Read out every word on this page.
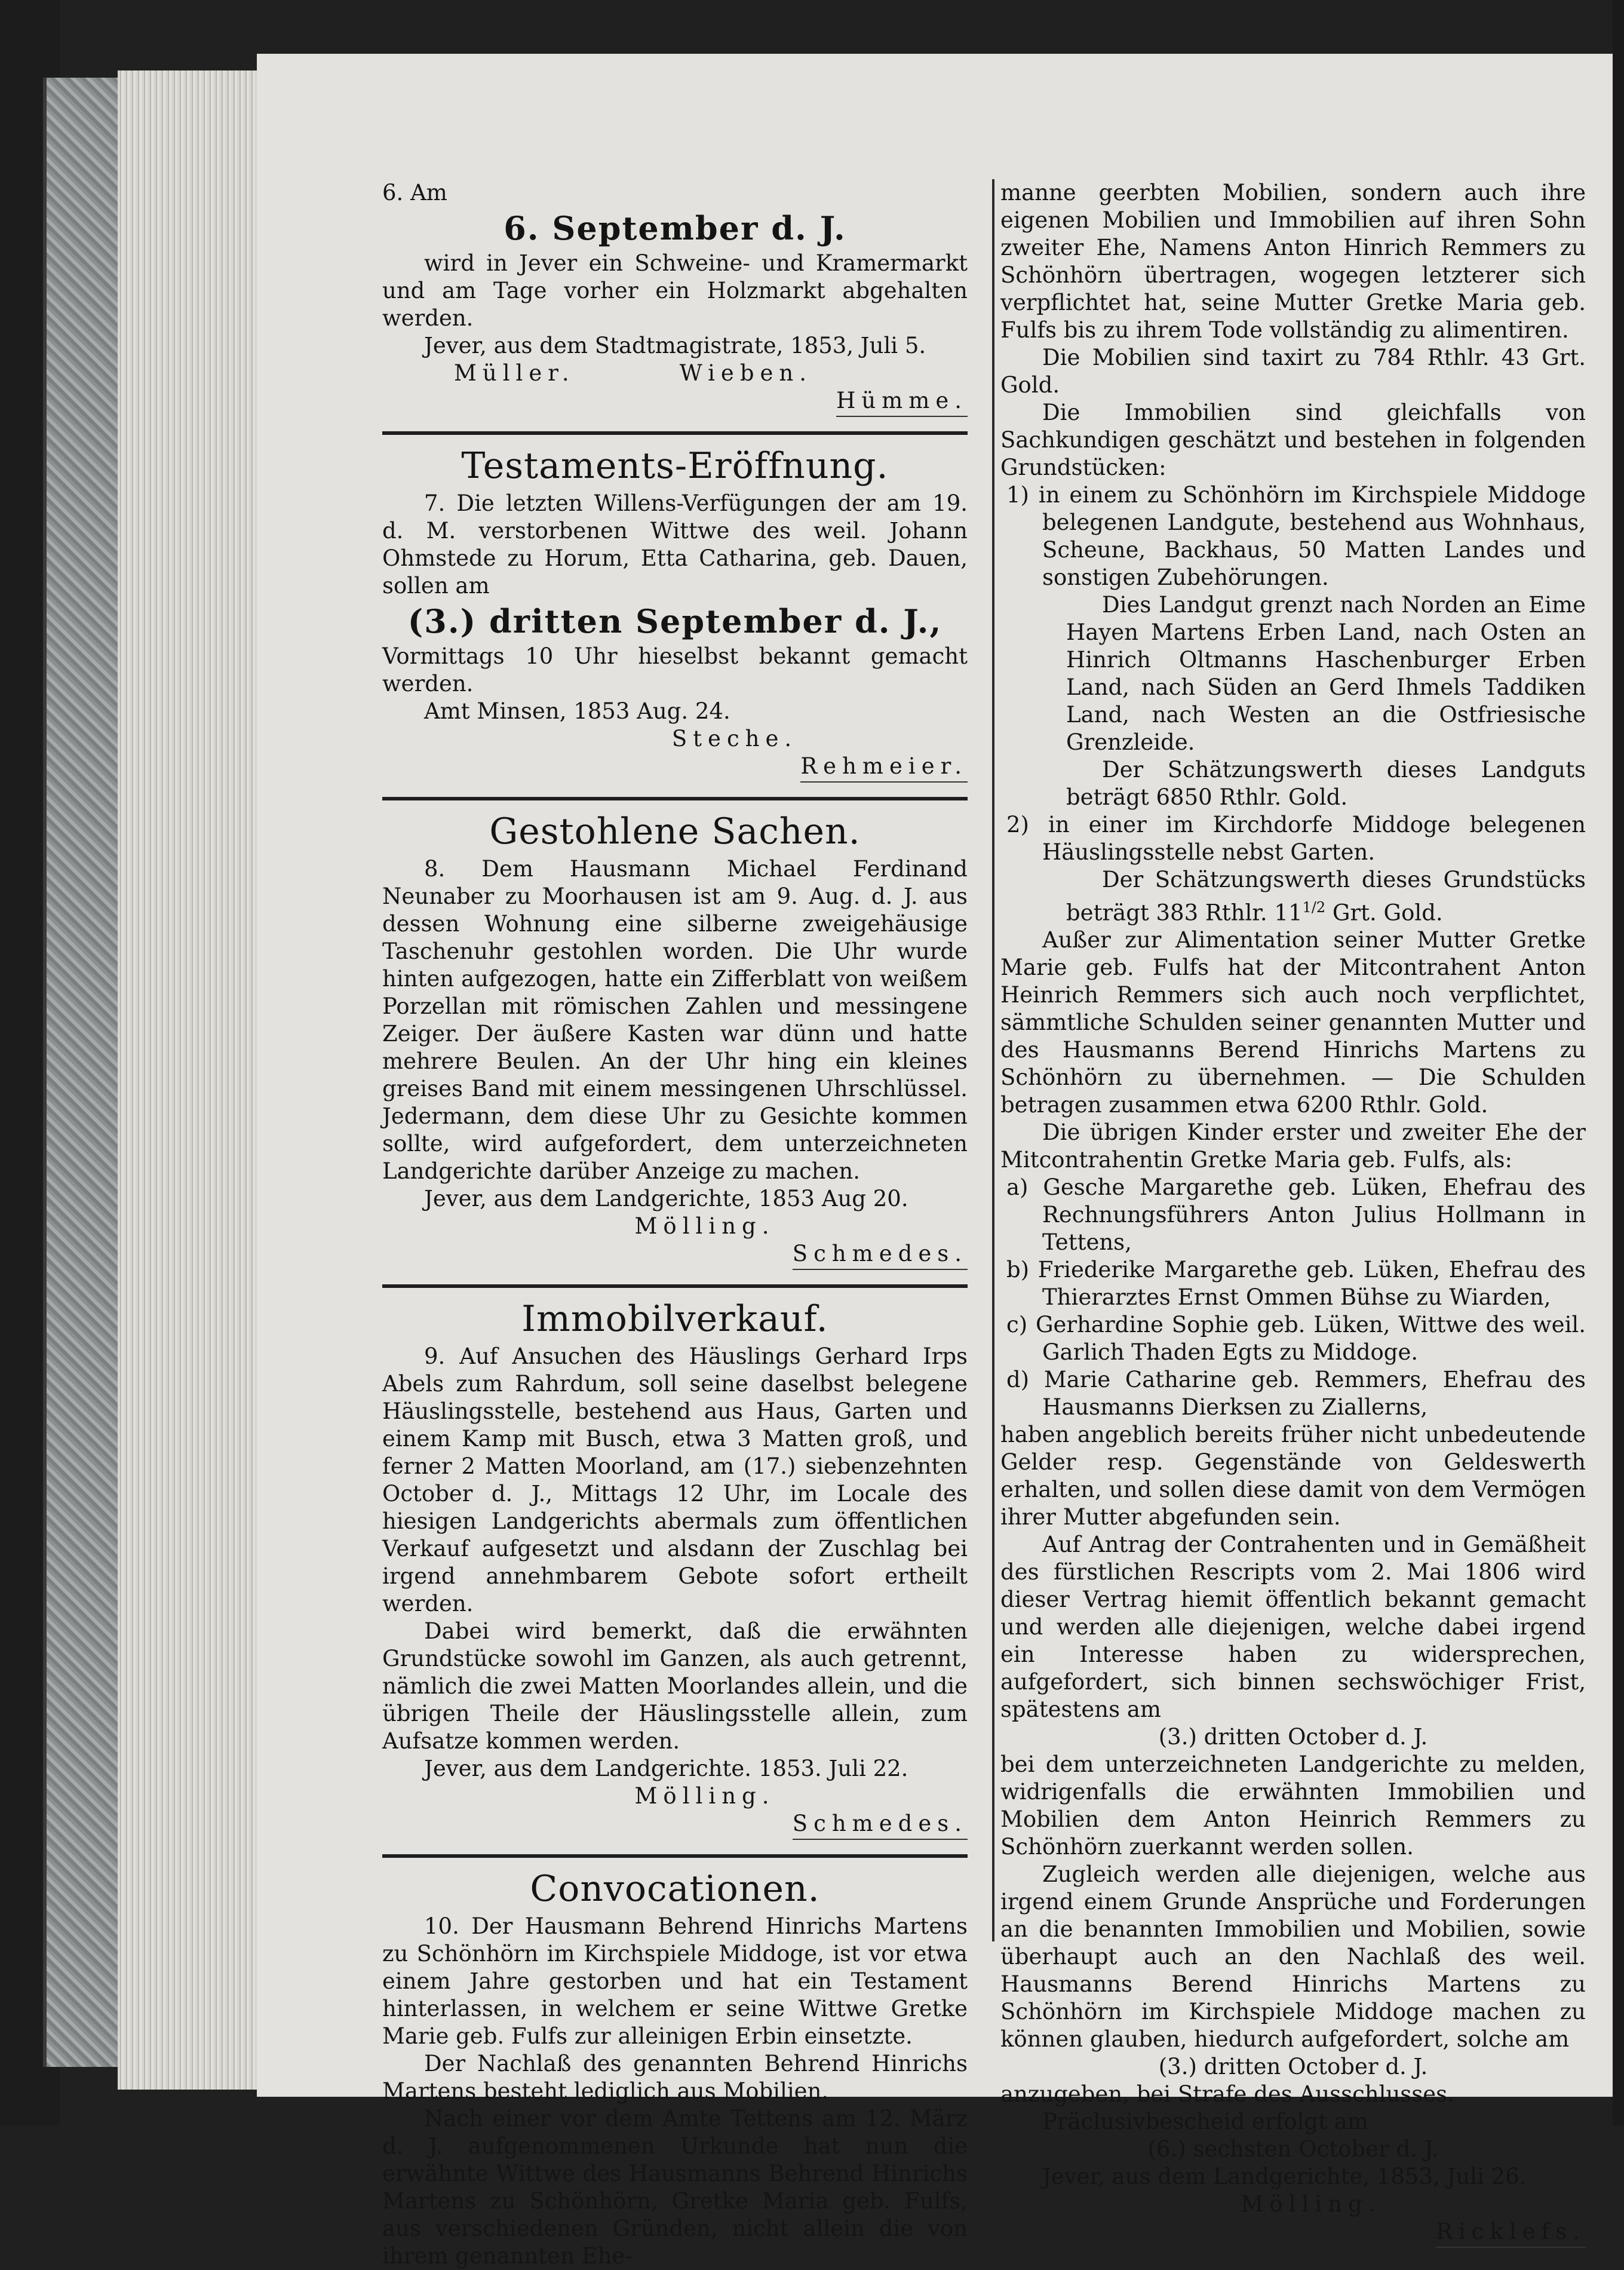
6. Am

6. September d. J.

wird in Jever ein Schweine- und Kramermarkt und am Tage vorher ein Holzmarkt abgehalten werden.

Jever, aus dem Stadtmagistrate, 1853, Juli 5.

Müller.	Wieben.

Hümme.

Testaments-Eröffnung.

7. Die letzten Willens-Verfügungen der am 19. d. M. verstorbenen Wittwe des weil. Johann Ohmstede zu Horum, Etta Catharina, geb. Dauen, sollen am

(3.) dritten September d. J.,

Vormittags 10 Uhr hieselbst bekannt gemacht werden.

Amt Minsen, 1853 Aug. 24.

Steche.

Rehmeier.

Gestohlene Sachen.

8. Dem Hausmann Michael Ferdinand Neunaber zu Moorhausen ist am 9. Aug. d. J. aus dessen Wohnung eine silberne zweigehäusige Taschenuhr gestohlen worden. Die Uhr wurde hinten aufgezogen, hatte ein Zifferblatt von weißem Porzellan mit römischen Zahlen und messingene Zeiger. Der äußere Kasten war dünn und hatte mehrere Beulen. An der Uhr hing ein kleines greises Band mit einem messingenen Uhrschlüssel. Jedermann, dem diese Uhr zu Gesichte kommen sollte, wird aufgefordert, dem unterzeichneten Landgerichte darüber Anzeige zu machen.

Jever, aus dem Landgerichte, 1853 Aug 20.

Mölling.

Schmedes.

Immobilverkauf.

9. Auf Ansuchen des Häuslings Gerhard Irps Abels zum Rahrdum, soll seine daselbst belegene Häuslingsstelle, bestehend aus Haus, Garten und einem Kamp mit Busch, etwa 3 Matten groß, und ferner 2 Matten Moorland, am (17.) siebenzehnten October d. J., Mittags 12 Uhr, im Locale des hiesigen Landgerichts abermals zum öffentlichen Verkauf aufgesetzt und alsdann der Zuschlag bei irgend annehmbarem Gebote sofort ertheilt werden.

Dabei wird bemerkt, daß die erwähnten Grundstücke sowohl im Ganzen, als auch getrennt, nämlich die zwei Matten Moorlandes allein, und die übrigen Theile der Häuslingsstelle allein, zum Aufsatze kommen werden.

Jever, aus dem Landgerichte. 1853. Juli 22.

Mölling.

Schmedes.

Convocationen.

10. Der Hausmann Behrend Hinrichs Martens zu Schönhörn im Kirchspiele Middoge, ist vor etwa einem Jahre gestorben und hat ein Testament hinterlassen, in welchem er seine Wittwe Gretke Marie geb. Fulfs zur alleinigen Erbin einsetzte.

Der Nachlaß des genannten Behrend Hinrichs Martens besteht lediglich aus Mobilien.

Nach einer vor dem Amte Tettens am 12. März d. J. aufgenommenen Urkunde hat nun die erwähnte Wittwe des Hausmanns Behrend Hinrichs Martens zu Schönhörn, Gretke Maria geb. Fulfs, aus verschiedenen Gründen, nicht allein die von ihrem genannten Ehe-

manne geerbten Mobilien, sondern auch ihre eigenen Mobilien und Immobilien auf ihren Sohn zweiter Ehe, Namens Anton Hinrich Remmers zu Schönhörn übertragen, wogegen letzterer sich verpflichtet hat, seine Mutter Gretke Maria geb. Fulfs bis zu ihrem Tode vollständig zu alimentiren.

Die Mobilien sind taxirt zu 784 Rthlr. 43 Grt. Gold.

Die Immobilien sind gleichfalls von Sachkundigen geschätzt und bestehen in folgenden Grundstücken:

1) in einem zu Schönhörn im Kirchspiele Middoge belegenen Landgute, bestehend aus Wohnhaus, Scheune, Backhaus, 50 Matten Landes und sonstigen Zubehörungen.

Dies Landgut grenzt nach Norden an Eime Hayen Martens Erben Land, nach Osten an Hinrich Oltmanns Haschenburger Erben Land, nach Süden an Gerd Ihmels Taddiken Land, nach Westen an die Ostfriesische Grenzleide.

Der Schätzungswerth dieses Landguts beträgt 6850 Rthlr. Gold.

2) in einer im Kirchdorfe Middoge belegenen Häuslingsstelle nebst Garten.

Der Schätzungswerth dieses Grundstücks beträgt 383 Rthlr. $11^{1/2}$ Grt. Gold.

Außer zur Alimentation seiner Mutter Gretke Marie geb. Fulfs hat der Mitcontrahent Anton Heinrich Remmers sich auch noch verpflichtet, sämmtliche Schulden seiner genannten Mutter und des Hausmanns Berend Hinrichs Martens zu Schönhörn zu übernehmen. — Die Schulden betragen zusammen etwa 6200 Rthlr. Gold.

Die übrigen Kinder erster und zweiter Ehe der Mitcontrahentin Gretke Maria geb. Fulfs, als:

a) Gesche Margarethe geb. Lüken, Ehefrau des Rechnungsführers Anton Julius Hollmann in Tettens,

b) Friederike Margarethe geb. Lüken, Ehefrau des Thierarztes Ernst Ommen Bühse zu Wiarden,

c) Gerhardine Sophie geb. Lüken, Wittwe des weil. Garlich Thaden Egts zu Middoge.

d) Marie Catharine geb. Remmers, Ehefrau des Hausmanns Dierksen zu Ziallerns,

haben angeblich bereits früher nicht unbedeutende Gelder resp. Gegenstände von Geldeswerth erhalten, und sollen diese damit von dem Vermögen ihrer Mutter abgefunden sein.

Auf Antrag der Contrahenten und in Gemäßheit des fürstlichen Rescripts vom 2. Mai 1806 wird dieser Vertrag hiemit öffentlich bekannt gemacht und werden alle diejenigen, welche dabei irgend ein Interesse haben zu widersprechen, aufgefordert, sich binnen sechswöchiger Frist, spätestens am

(3.) dritten October d. J.

bei dem unterzeichneten Landgerichte zu melden, widrigenfalls die erwähnten Immobilien und Mobilien dem Anton Heinrich Remmers zu Schönhörn zuerkannt werden sollen.

Zugleich werden alle diejenigen, welche aus irgend einem Grunde Ansprüche und Forderungen an die benannten Immobilien und Mobilien, sowie überhaupt auch an den Nachlaß des weil. Hausmanns Berend Hinrichs Martens zu Schönhörn im Kirchspiele Middoge machen zu können glauben, hiedurch aufgefordert, solche am

(3.) dritten October d. J.

anzugeben, bei Strafe des Ausschlusses.

Präclusivbescheid erfolgt am

(6.) sechsten October d. J.

Jever, aus dem Landgerichte, 1853, Juli 26.

Mölling.

Ricklefs.
